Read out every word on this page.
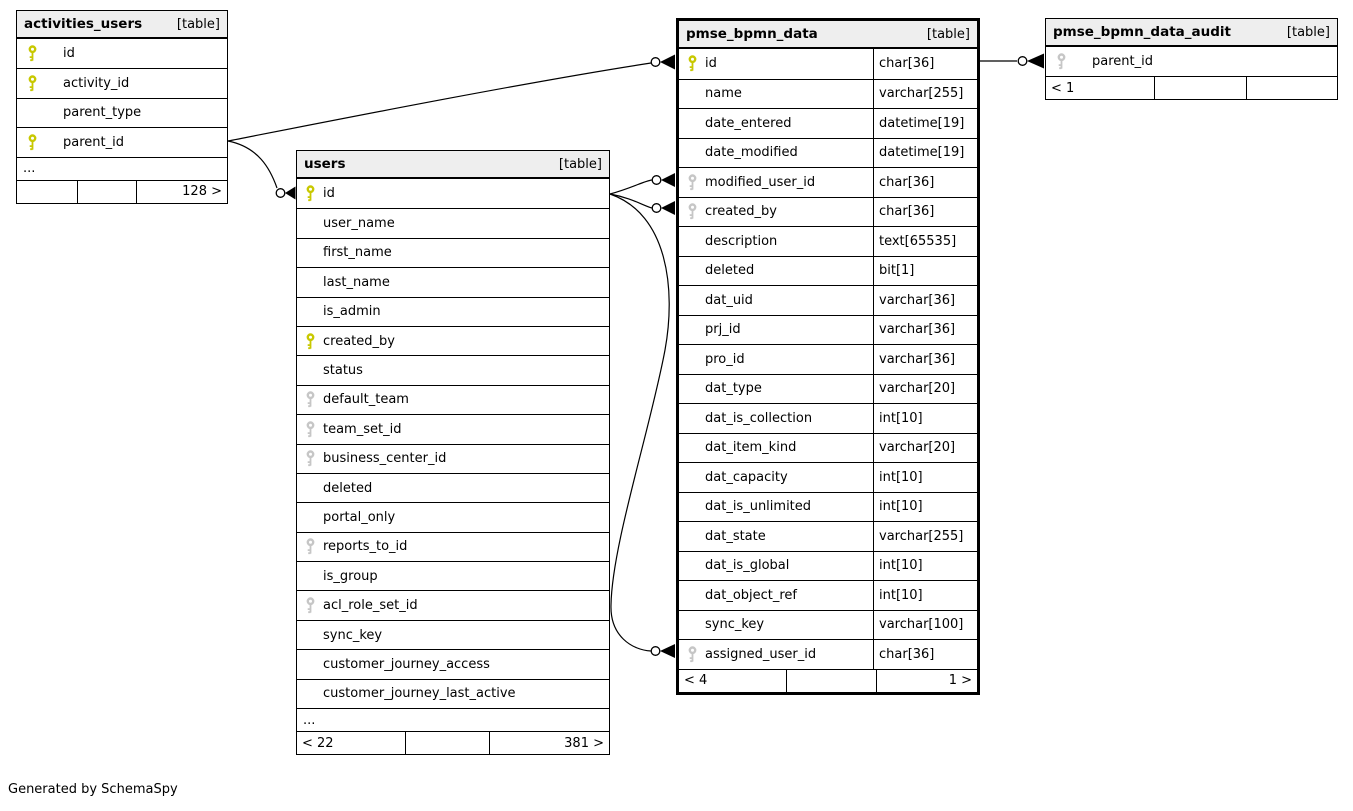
activities_users	[table]
id
activity_id
parent_type
parent_id
...
128 >
users	[table]
id
user_name
first_name
last_name
is_admin
created_by
status
default_team
team_set_id
business_center_id
deleted
portal_only
reports_to_id
is_group
acl_role_set_id
sync_key
customer_journey_access
customer_journey_last_active
...
< 22	381 >
pmse_bpmn_data	[table]
id	char[36]
name	varchar[255]
date_entered	datetime[19]
date_modified	datetime[19]
modified_user_id	char[36]
created_by	char[36]
description	text[65535]
deleted	bit[1]
dat_uid	varchar[36]
prj_id	varchar[36]
pro_id	varchar[36]
dat_type	varchar[20]
dat_is_collection	int[10]
dat_item_kind	varchar[20]
dat_capacity	int[10]
dat_is_unlimited	int[10]
dat_state	varchar[255]
dat_is_global	int[10]
dat_object_ref	int[10]
sync_key	varchar[100]
assigned_user_id	char[36]
< 4	1 >
pmse_bpmn_data_audit	[table]
parent_id
< 1
Generated by SchemaSpy
